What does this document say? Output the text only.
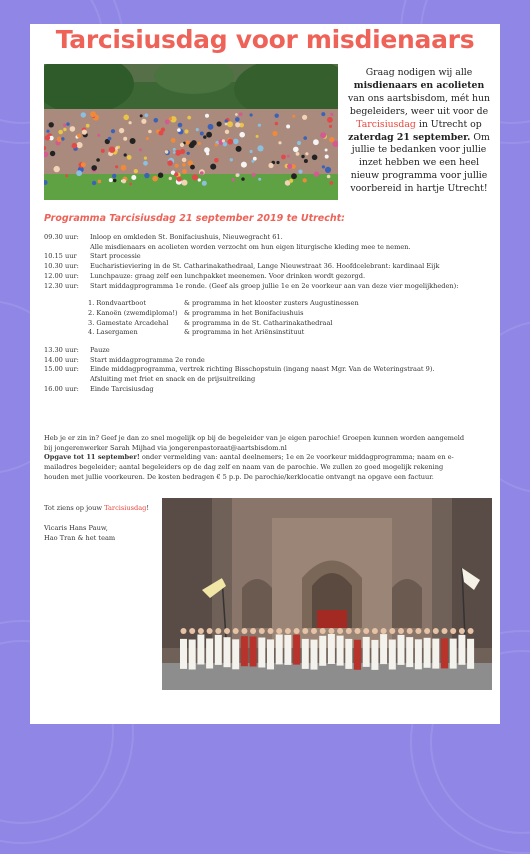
Tarcisiusdag voor misdienaars
Graag nodigen wij alle
misdienaars en acolieten
van ons aartsbisdom, mét hun
begeleiders, weer uit voor de
Tarcisiusdag in Utrecht op
zaterdag 21 september. Om
jullie te bedanken voor jullie
inzet hebben we een heel
nieuw programma voor jullie
voorbereid in hartje Utrecht!
Programma Tarcisiusdag 21 september 2019 te Utrecht:
09.30 uur:	Inloop en omkleden St. Bonifaciushuis, Nieuwegracht 61.
Alle misdienaars en acolieten worden verzocht om hun eigen liturgische kleding mee te nemen.
10.15 uur	Start processie
10.30 uur:	Eucharistieviering in de St. Catharinakathedraal, Lange Nieuwstraat 36. Hoofdcelebrant: kardinaal Eijk
12.00 uur:	Lunchpauze: graag zelf een lunchpakket meenemen. Voor drinken wordt gezorgd.
12.30 uur:	Start middagprogramma 1e ronde. (Geef als groep jullie 1e en 2e voorkeur aan van deze vier mogelijkheden):
1. Rondvaartboot	& programma in het klooster zusters Augustinessen
2. Kanoën (zwemdiploma!) & programma in het Bonifaciushuis
3. Gamestate Arcadehal	& programma in de St. Catharinakathedraal
4. Lasergamen	& programma in het Ariënsinstituut
13.30 uur:	Pauze
14.00 uur:	Start middagprogramma 2e ronde
15.00 uur:	Einde middagprogramma, vertrek richting Bisschopstuin (ingang naast Mgr. Van de Weteringstraat 9).
Afsluiting met friet en snack en de prijsuitreiking
16.00 uur:	Einde Tarcisiusdag
Heb je er zin in? Geef je dan zo snel mogelijk op bij de begeleider van je eigen parochie! Groepen kunnen worden aangemeld
bij jongerenwerker Sarah Mijhad via jongerenpastoraat@aartsbisdom.nl
Opgave tot 11 september! onder vermelding van: aantal deelnemers; 1e en 2e voorkeur middagprogramma; naam en e-
mailadres begeleider; aantal begeleiders op de dag zelf en naam van de parochie. We zullen zo goed mogelijk rekening
houden met jullie voorkeuren. De kosten bedragen € 5 p.p. De parochie/kerklocatie ontvangt na opgave een factuur.
Tot ziens op jouw Tarcisiusdag!
Vicaris Hans Pauw,
Hao Tran & het team
